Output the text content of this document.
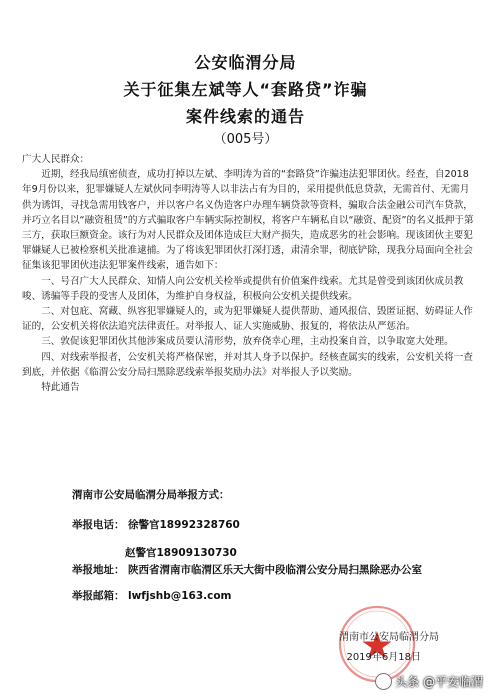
公安临渭分局
关于征集左斌等人“套路贷”诈骗
案件线索的通告
（005号）

广大人民群众：

近期，经我局缜密侦查，成功打掉以左斌、李明涛为首的“套路贷”诈骗违法犯罪团伙。经查，自2018年9月份以来，犯罪嫌疑人左斌伙同李明涛等人以非法占有为目的，采用提供低息贷款，无需首付、无需月供为诱饵，寻找急需用钱客户，并以客户名义伪造客户办理车辆贷款等资料，骗取合法金融公司汽车贷款，并巧立名目以“融资租赁”的方式骗取客户车辆实际控制权，将客户车辆私自以“融资、配资”的名义抵押于第三方，获取巨额资金。该行为对人民群众及团体造成巨大财产损失，造成恶劣的社会影响。现该团伙主要犯罪嫌疑人已被检察机关批准逮捕。为了将该犯罪团伙打深打透，肃清余罪，彻底铲除，现我分局面向全社会征集该犯罪团伙违法犯罪案件线索，通告如下：

一、号召广大人民群众、知情人向公安机关检举或提供有价值案件线索。尤其是曾受到该团伙成员教唆、诱骗等手段的受害人及团体，为维护自身权益，积极向公安机关提供线索。

二、对包庇、窝藏、纵容犯罪嫌疑人的，或为犯罪嫌疑人提供帮助、通风报信、毁匿证据、妨碍证人作证的，公安机关将依法追究法律责任。对举报人、证人实施威胁、报复的，将依法从严惩治。

三、敦促该犯罪团伙其他涉案成员要认清形势，放弃侥幸心理，主动投案自首，以争取宽大处理。

四、对线索举报者，公安机关将严格保密，并对其人身予以保护。经核查属实的线索，公安机关将一查到底，并依据《临渭公安分局扫黑除恶线索举报奖励办法》对举报人予以奖励。

特此通告

渭南市公安局临渭分局举报方式：
举报电话： 徐警官18992328760
赵警官18909130730
举报地址： 陕西省渭南市临渭区乐天大街中段临渭公安分局扫黑除恶办公室
举报邮箱： lwfjshb@163.com
渭南市公安局临渭分局
2019年6月18日
头条 @平安临渭
